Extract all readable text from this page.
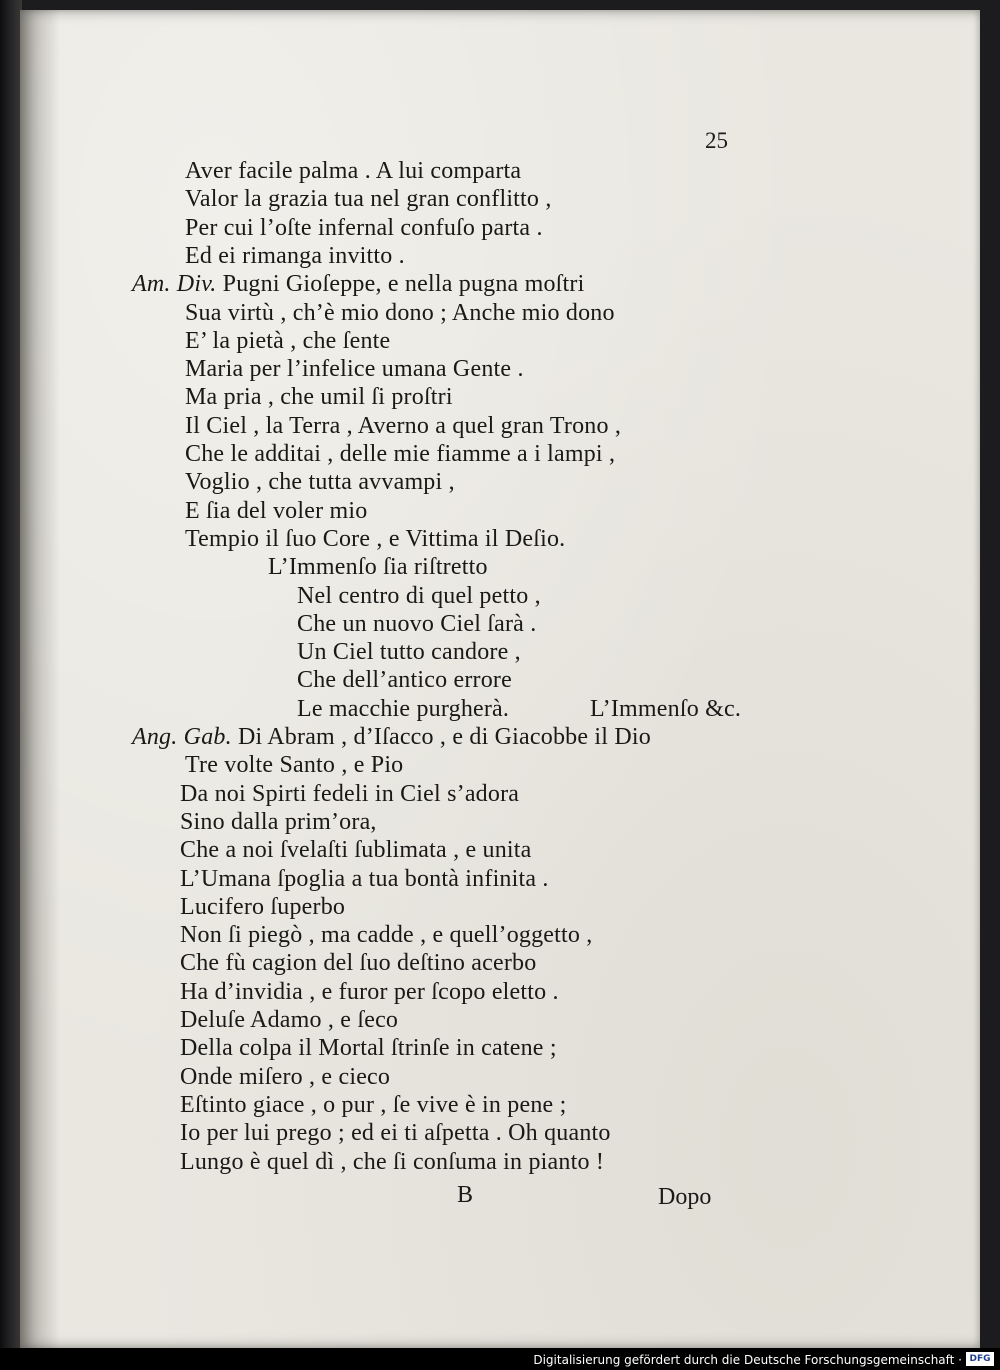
25
Aver facile palma . A lui comparta
Valor la grazia tua nel gran conflitto ,
Per cui l’oſte infernal confuſo parta .
Ed ei rimanga invitto .
Am. Div. Pugni Gioſeppe, e nella pugna moſtri
Sua virtù , ch’è mio dono ; Anche mio dono
E’ la pietà , che ſente
Maria per l’infelice umana Gente .
Ma pria , che umil ſi proſtri
Il Ciel , la Terra , Averno a quel gran Trono ,
Che le additai , delle mie fiamme a i lampi ,
Voglio , che tutta avvampi ,
E ſia del voler mio
Tempio il ſuo Core , e Vittima il Deſio.
L’Immenſo ſia riſtretto
Nel centro di quel petto ,
Che un nuovo Ciel ſarà .
Un Ciel tutto candore ,
Che dell’antico errore
Le macchie purgherà.	L’Immenſo &c.
Ang. Gab. Di Abram , d’Iſacco , e di Giacobbe il Dio
Tre volte Santo , e Pio
Da noi Spirti fedeli in Ciel s’adora
Sino dalla prim’ora,
Che a noi ſvelaſti ſublimata , e unita
L’Umana ſpoglia a tua bontà infinita .
Lucifero ſuperbo
Non ſi piegò , ma cadde , e quell’oggetto ,
Che fù cagion del ſuo deſtino acerbo
Ha d’invidia , e furor per ſcopo eletto .
Deluſe Adamo , e ſeco
Della colpa il Mortal ſtrinſe in catene ;
Onde miſero , e cieco
Eſtinto giace , o pur , ſe vive è in pene ;
Io per lui prego ; ed ei ti aſpetta . Oh quanto
Lungo è quel dì , che ſi conſuma in pianto !
B	Dopo
Digitalisierung gefördert durch die Deutsche Forschungsgemeinschaft · DFG
